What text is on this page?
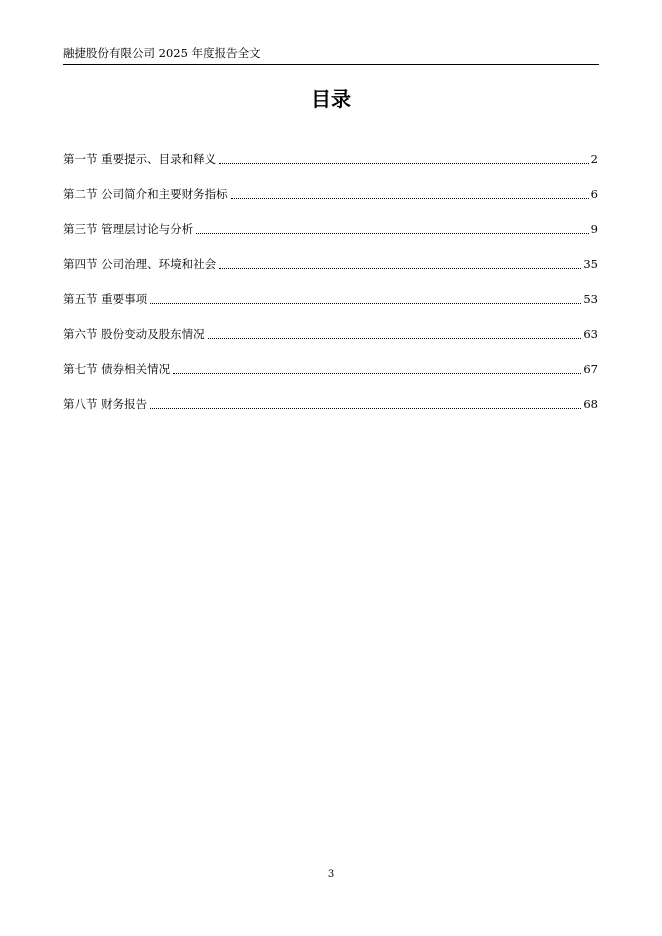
融捷股份有限公司 2025 年度报告全文
目录
第一节 重要提示、目录和释义	2
第二节 公司简介和主要财务指标	6
第三节 管理层讨论与分析	9
第四节 公司治理、环境和社会	35
第五节 重要事项	53
第六节 股份变动及股东情况	63
第七节 债券相关情况	67
第八节 财务报告	68
3
